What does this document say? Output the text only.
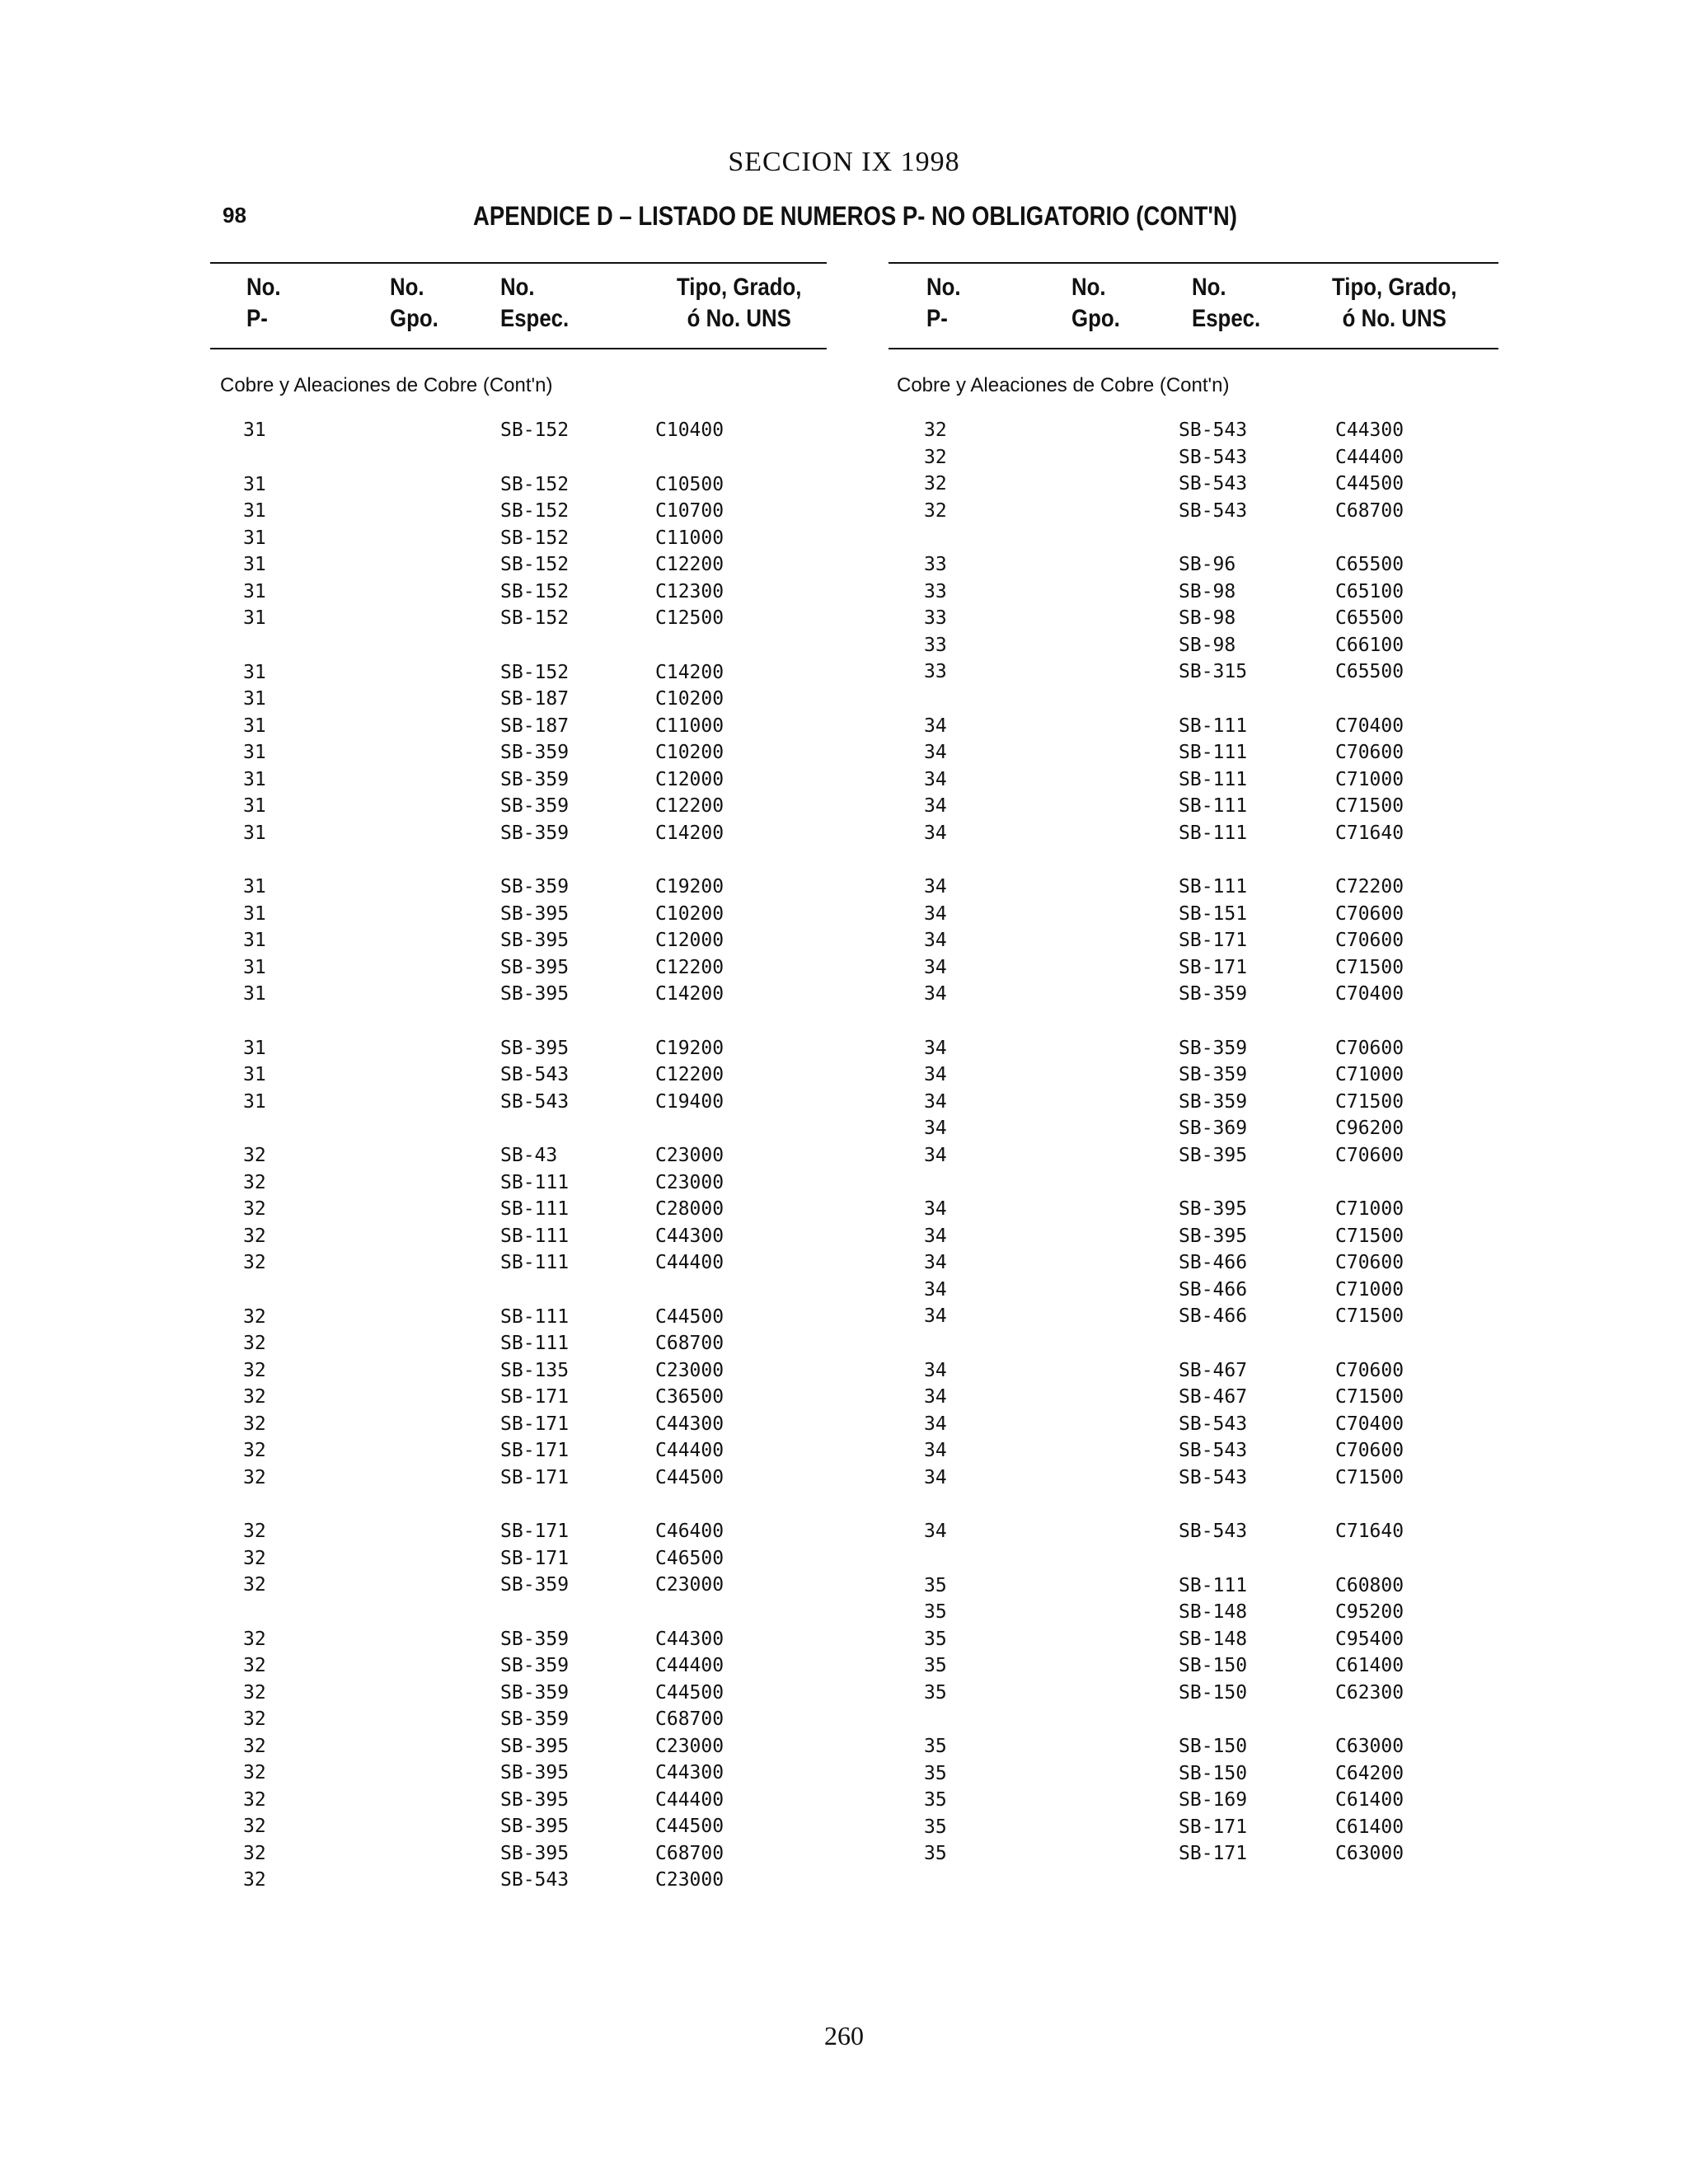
SECCION IX 1998
98	APENDICE D – LISTADO DE NUMEROS P- NO OBLIGATORIO (CONT'N)
No.
P-
No.
Gpo.
No.
Espec.
Tipo, Grado,
ó No. UNS
Cobre y Aleaciones de Cobre (Cont'n)
31	SB-152	C10400
31	SB-152	C10500
31	SB-152	C10700
31	SB-152	C11000
31	SB-152	C12200
31	SB-152	C12300
31	SB-152	C12500
31	SB-152	C14200
31	SB-187	C10200
31	SB-187	C11000
31	SB-359	C10200
31	SB-359	C12000
31	SB-359	C12200
31	SB-359	C14200
31	SB-359	C19200
31	SB-395	C10200
31	SB-395	C12000
31	SB-395	C12200
31	SB-395	C14200
31	SB-395	C19200
31	SB-543	C12200
31	SB-543	C19400
32	SB-43	C23000
32	SB-111	C23000
32	SB-111	C28000
32	SB-111	C44300
32	SB-111	C44400
32	SB-111	C44500
32	SB-111	C68700
32	SB-135	C23000
32	SB-171	C36500
32	SB-171	C44300
32	SB-171	C44400
32	SB-171	C44500
32	SB-171	C46400
32	SB-171	C46500
32	SB-359	C23000
32	SB-359	C44300
32	SB-359	C44400
32	SB-359	C44500
32	SB-359	C68700
32	SB-395	C23000
32	SB-395	C44300
32	SB-395	C44400
32	SB-395	C44500
32	SB-395	C68700
32	SB-543	C23000
No.
P-
No.
Gpo.
No.
Espec.
Tipo, Grado,
ó No. UNS
Cobre y Aleaciones de Cobre (Cont'n)
32	SB-543	C44300
32	SB-543	C44400
32	SB-543	C44500
32	SB-543	C68700
33	SB-96	C65500
33	SB-98	C65100
33	SB-98	C65500
33	SB-98	C66100
33	SB-315	C65500
34	SB-111	C70400
34	SB-111	C70600
34	SB-111	C71000
34	SB-111	C71500
34	SB-111	C71640
34	SB-111	C72200
34	SB-151	C70600
34	SB-171	C70600
34	SB-171	C71500
34	SB-359	C70400
34	SB-359	C70600
34	SB-359	C71000
34	SB-359	C71500
34	SB-369	C96200
34	SB-395	C70600
34	SB-395	C71000
34	SB-395	C71500
34	SB-466	C70600
34	SB-466	C71000
34	SB-466	C71500
34	SB-467	C70600
34	SB-467	C71500
34	SB-543	C70400
34	SB-543	C70600
34	SB-543	C71500
34	SB-543	C71640
35	SB-111	C60800
35	SB-148	C95200
35	SB-148	C95400
35	SB-150	C61400
35	SB-150	C62300
35	SB-150	C63000
35	SB-150	C64200
35	SB-169	C61400
35	SB-171	C61400
35	SB-171	C63000
260
